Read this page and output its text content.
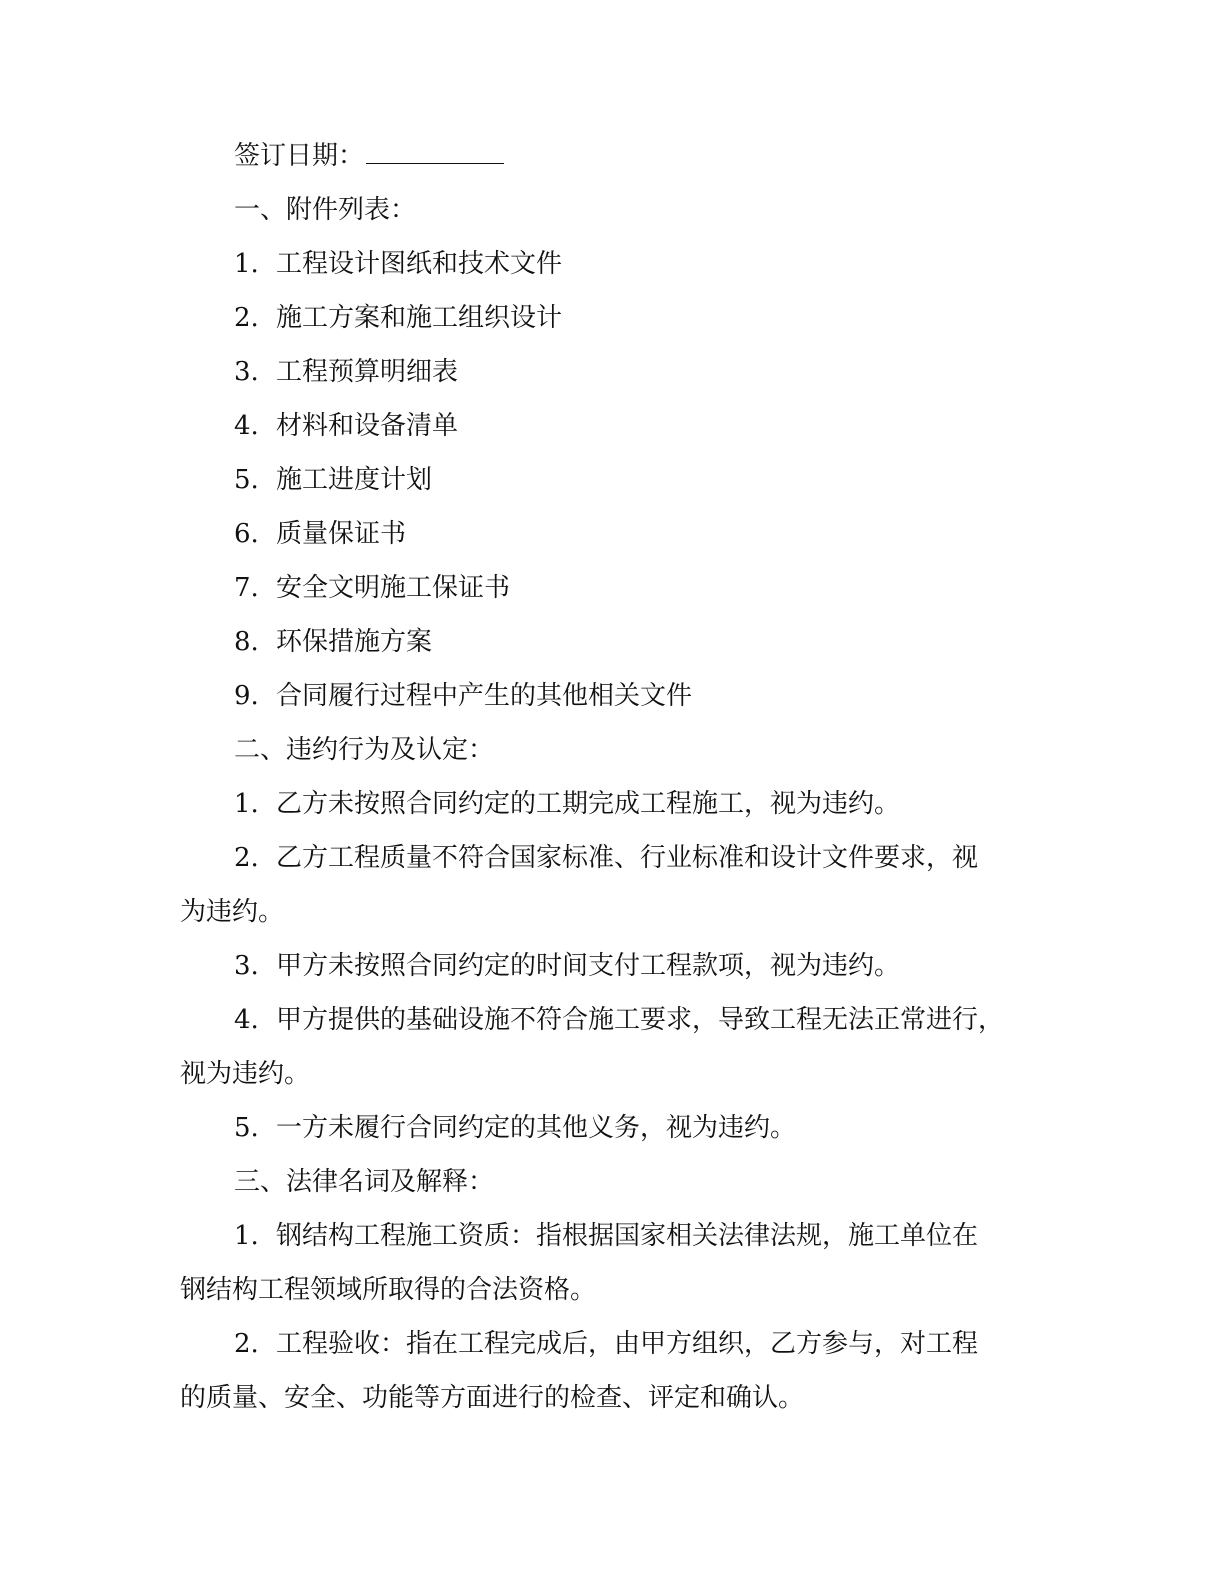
签订日期：
一、附件列表：
1. 工程设计图纸和技术文件
2. 施工方案和施工组织设计
3. 工程预算明细表
4. 材料和设备清单
5. 施工进度计划
6. 质量保证书
7. 安全文明施工保证书
8. 环保措施方案
9. 合同履行过程中产生的其他相关文件
二、违约行为及认定：
1. 乙方未按照合同约定的工期完成工程施工，视为违约。
2. 乙方工程质量不符合国家标准、行业标准和设计文件要求，视
为违约。
3. 甲方未按照合同约定的时间支付工程款项，视为违约。
4. 甲方提供的基础设施不符合施工要求，导致工程无法正常进行，
视为违约。
5. 一方未履行合同约定的其他义务，视为违约。
三、法律名词及解释：
1. 钢结构工程施工资质：指根据国家相关法律法规，施工单位在
钢结构工程领域所取得的合法资格。
2. 工程验收：指在工程完成后，由甲方组织，乙方参与，对工程
的质量、安全、功能等方面进行的检查、评定和确认。
